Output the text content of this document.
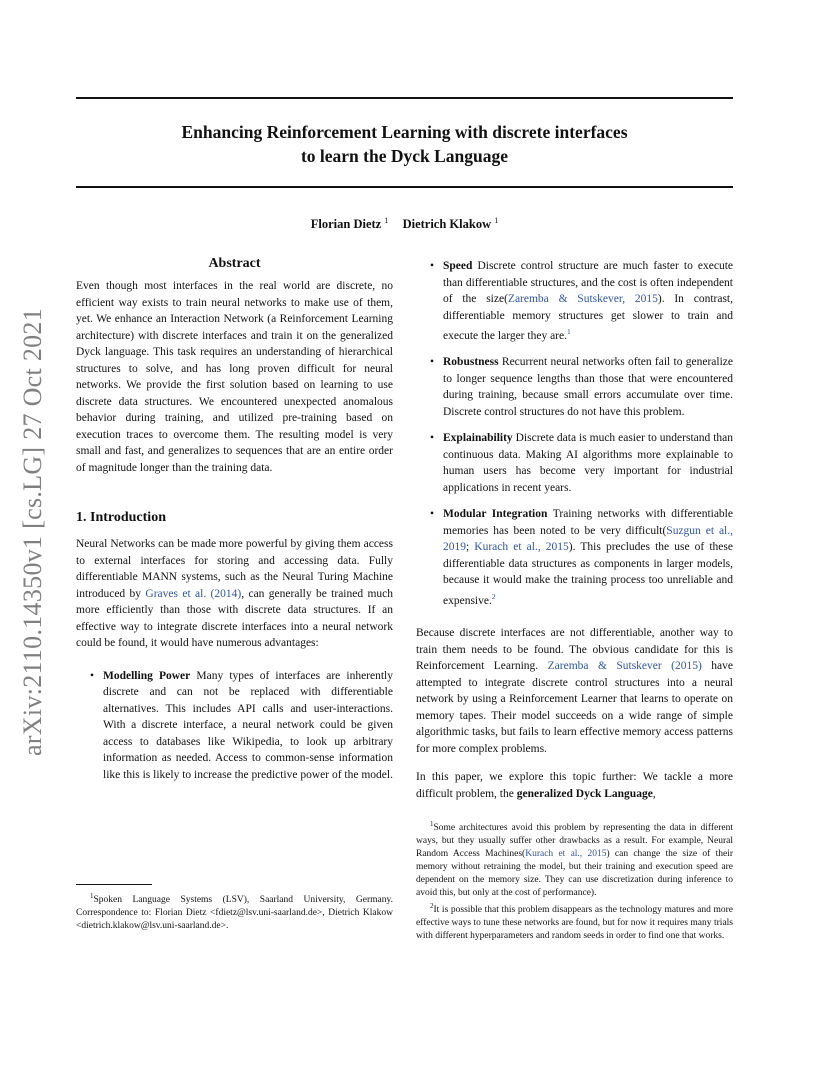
Enhancing Reinforcement Learning with discrete interfaces
to learn the Dyck Language
Florian Dietz $^1$ Dietrich Klakow $^1$
arXiv:2110.14350v1 [cs.LG] 27 Oct 2021
Abstract

Even though most interfaces in the real world are discrete, no efficient way exists to train neural networks to make use of them, yet. We enhance an Interaction Network (a Reinforcement Learning architecture) with discrete interfaces and train it on the generalized Dyck language. This task requires an understanding of hierarchical structures to solve, and has long proven difficult for neural networks. We provide the first solution based on learning to use discrete data structures. We encountered unexpected anomalous behavior during training, and utilized pre-training based on execution traces to overcome them. The resulting model is very small and fast, and generalizes to sequences that are an entire order of magnitude longer than the training data.

1. Introduction

Neural Networks can be made more powerful by giving them access to external interfaces for storing and accessing data. Fully differentiable MANN systems, such as the Neural Turing Machine introduced by Graves et al. (2014), can generally be trained much more efficiently than those with discrete data structures. If an effective way to integrate discrete interfaces into a neural network could be found, it would have numerous advantages:

• Modelling Power Many types of interfaces are inherently discrete and can not be replaced with differentiable alternatives. This includes API calls and user-interactions. With a discrete interface, a neural network could be given access to databases like Wikipedia, to look up arbitrary information as needed. Access to common-sense information like this is likely to increase the predictive power of the model.

$^1$Spoken Language Systems (LSV), Saarland University, Germany. Correspondence to: Florian Dietz <fdietz@lsv.uni-saarland.de>, Dietrich Klakow <dietrich.klakow@lsv.uni-saarland.de>.

• Speed Discrete control structure are much faster to execute than differentiable structures, and the cost is often independent of the size(Zaremba & Sutskever, 2015). In contrast, differentiable memory structures get slower to train and execute the larger they are.$^1$
• Robustness Recurrent neural networks often fail to generalize to longer sequence lengths than those that were encountered during training, because small errors accumulate over time. Discrete control structures do not have this problem.
• Explainability Discrete data is much easier to understand than continuous data. Making AI algorithms more explainable to human users has become very important for industrial applications in recent years.
• Modular Integration Training networks with differentiable memories has been noted to be very difficult(Suzgun et al., 2019; Kurach et al., 2015). This precludes the use of these differentiable data structures as components in larger models, because it would make the training process too unreliable and expensive.$^2$

Because discrete interfaces are not differentiable, another way to train them needs to be found. The obvious candidate for this is Reinforcement Learning. Zaremba & Sutskever (2015) have attempted to integrate discrete control structures into a neural network by using a Reinforcement Learner that learns to operate on memory tapes. Their model succeeds on a wide range of simple algorithmic tasks, but fails to learn effective memory access patterns for more complex problems.

In this paper, we explore this topic further: We tackle a more difficult problem, the generalized Dyck Language,

$^1$Some architectures avoid this problem by representing the data in different ways, but they usually suffer other drawbacks as a result. For example, Neural Random Access Machines(Kurach et al., 2015) can change the size of their memory without retraining the model, but their training and execution speed are dependent on the memory size. They can use discretization during inference to avoid this, but only at the cost of performance).

$^2$It is possible that this problem disappears as the technology matures and more effective ways to tune these networks are found, but for now it requires many trials with different hyperparameters and random seeds in order to find one that works.
